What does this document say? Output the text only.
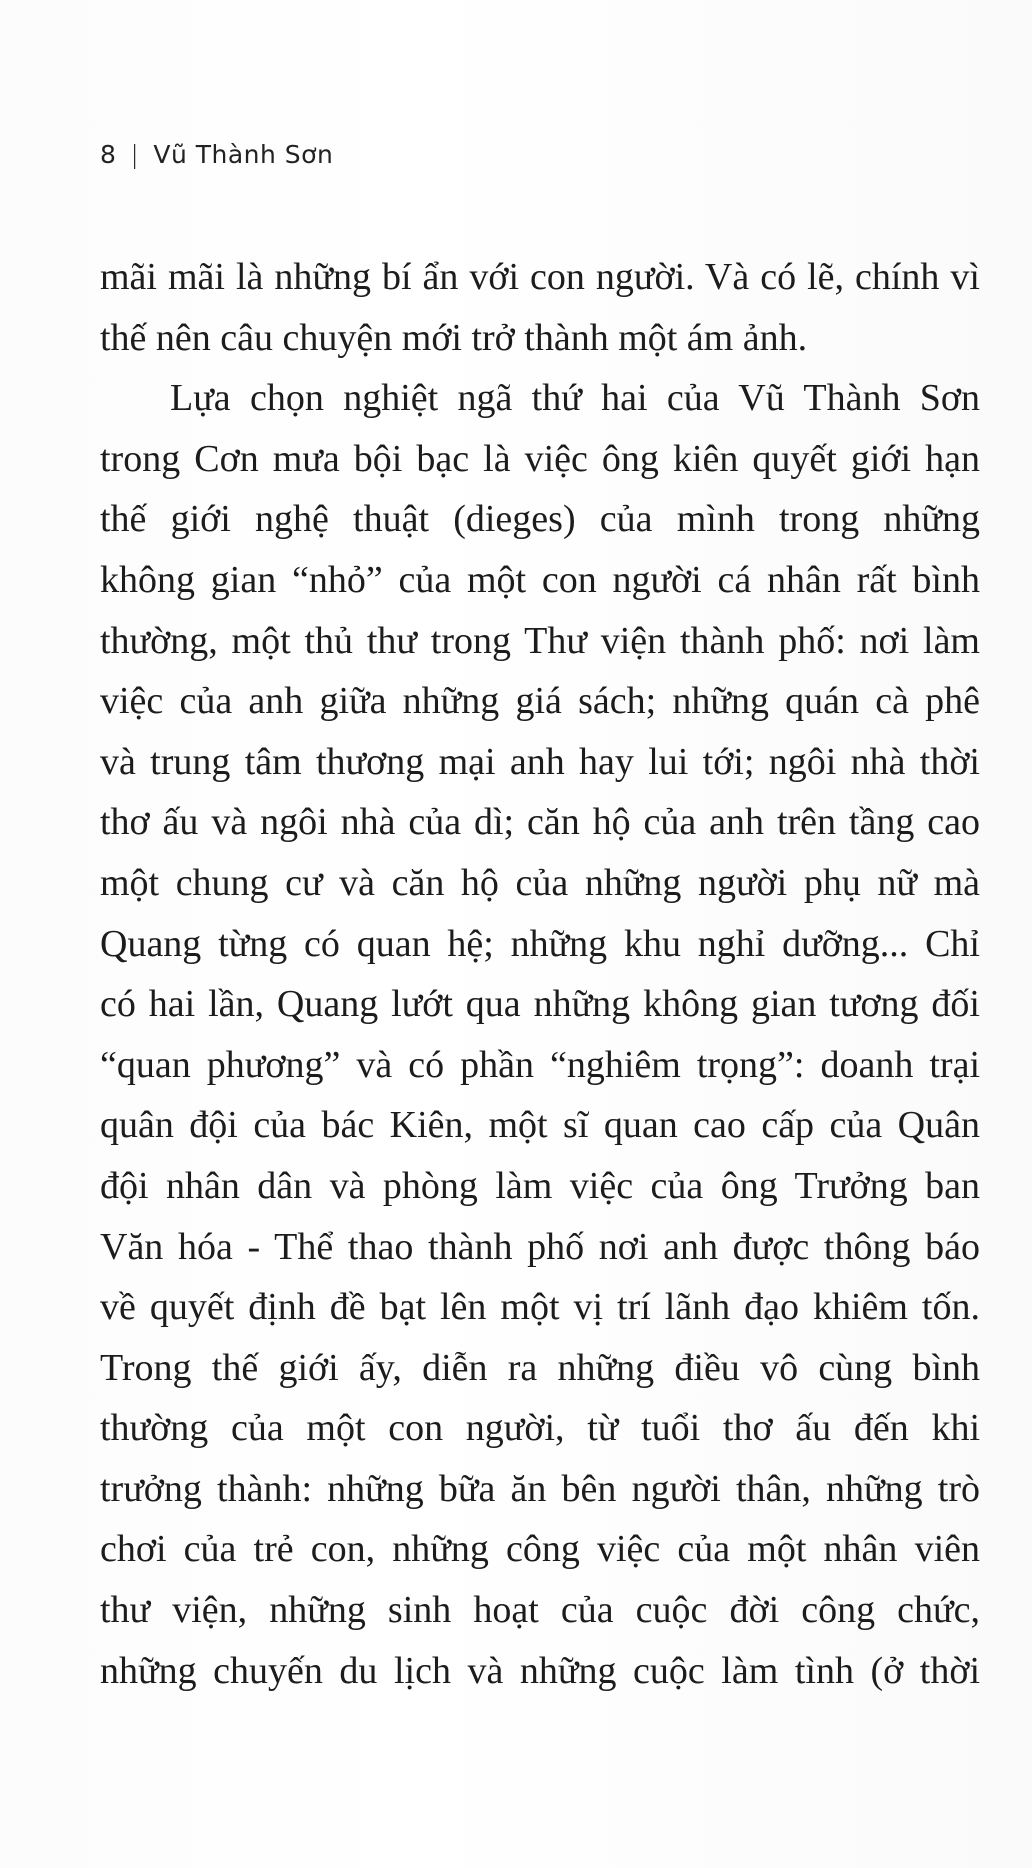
8 | Vũ Thành Sơn
mãi mãi là những bí ẩn với con người. Và có lẽ, chính vì
thế nên câu chuyện mới trở thành một ám ảnh.
Lựa chọn nghiệt ngã thứ hai của Vũ Thành Sơn
trong Cơn mưa bội bạc là việc ông kiên quyết giới hạn
thế giới nghệ thuật (dieges) của mình trong những
không gian “nhỏ” của một con người cá nhân rất bình
thường, một thủ thư trong Thư viện thành phố: nơi làm
việc của anh giữa những giá sách; những quán cà phê
và trung tâm thương mại anh hay lui tới; ngôi nhà thời
thơ ấu và ngôi nhà của dì; căn hộ của anh trên tầng cao
một chung cư và căn hộ của những người phụ nữ mà
Quang từng có quan hệ; những khu nghỉ dưỡng... Chỉ
có hai lần, Quang lướt qua những không gian tương đối
“quan phương” và có phần “nghiêm trọng”: doanh trại
quân đội của bác Kiên, một sĩ quan cao cấp của Quân
đội nhân dân và phòng làm việc của ông Trưởng ban
Văn hóa - Thể thao thành phố nơi anh được thông báo
về quyết định đề bạt lên một vị trí lãnh đạo khiêm tốn.
Trong thế giới ấy, diễn ra những điều vô cùng bình
thường của một con người, từ tuổi thơ ấu đến khi
trưởng thành: những bữa ăn bên người thân, những trò
chơi của trẻ con, những công việc của một nhân viên
thư viện, những sinh hoạt của cuộc đời công chức,
những chuyến du lịch và những cuộc làm tình (ở thời
